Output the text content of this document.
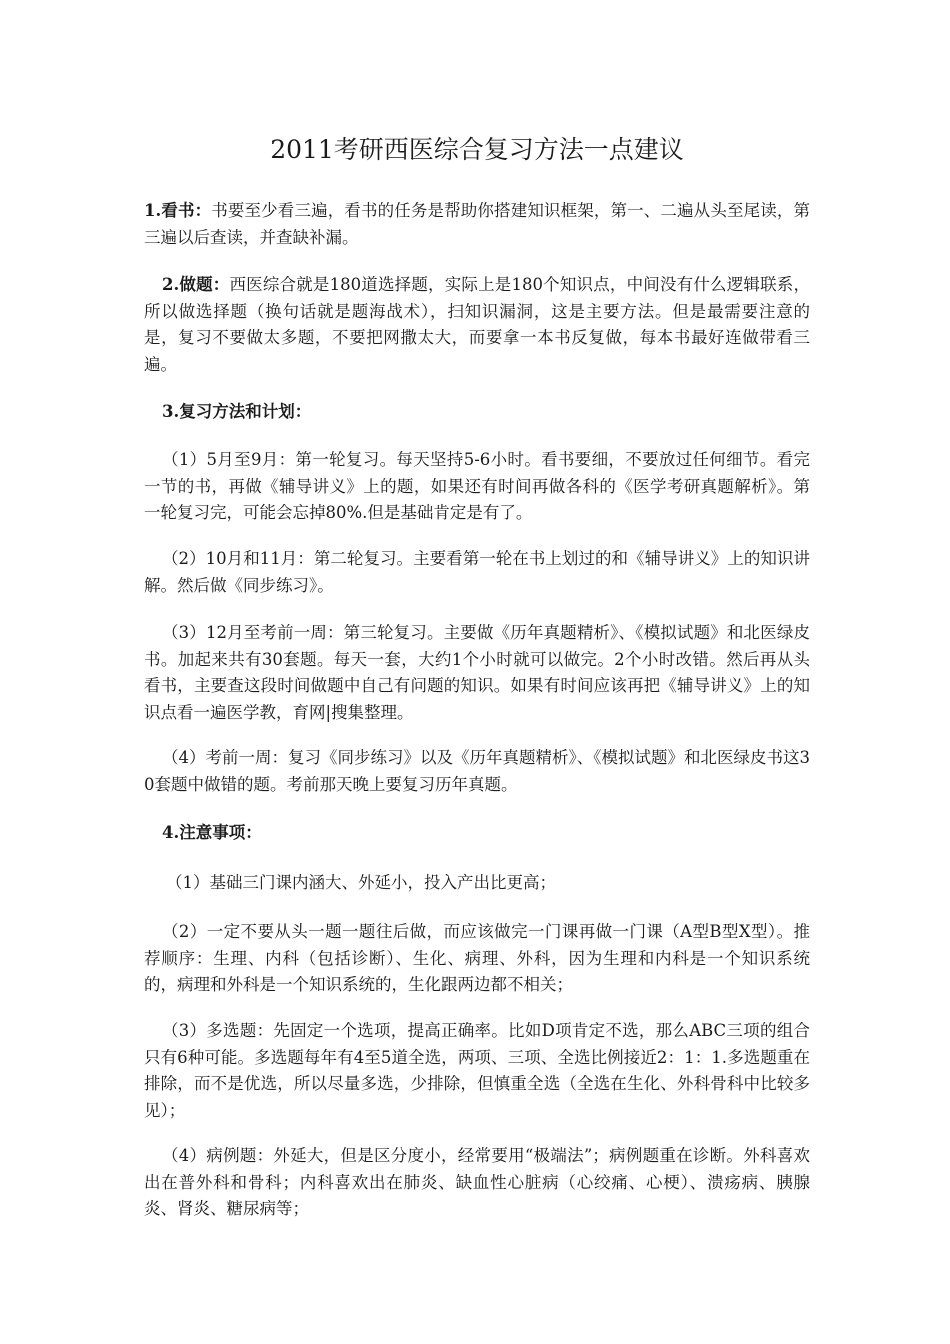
2011考研西医综合复习方法一点建议

1.看书：书要至少看三遍，看书的任务是帮助你搭建知识框架，第一、二遍从头至尾读，第三遍以后查读，并查缺补漏。

2.做题：西医综合就是180道选择题，实际上是180个知识点，中间没有什么逻辑联系，所以做选择题（换句话就是题海战术），扫知识漏洞，这是主要方法。但是最需要注意的是，复习不要做太多题，不要把网撒太大，而要拿一本书反复做，每本书最好连做带看三遍。

3.复习方法和计划：

（1）5月至9月：第一轮复习。每天坚持5-6小时。看书要细，不要放过任何细节。看完一节的书，再做《辅导讲义》上的题，如果还有时间再做各科的《医学考研真题解析》。第一轮复习完，可能会忘掉80%.但是基础肯定是有了。

（2）10月和11月：第二轮复习。主要看第一轮在书上划过的和《辅导讲义》上的知识讲解。然后做《同步练习》。

（3）12月至考前一周：第三轮复习。主要做《历年真题精析》、《模拟试题》和北医绿皮书。加起来共有30套题。每天一套，大约1个小时就可以做完。2个小时改错。然后再从头看书，主要查这段时间做题中自己有问题的知识。如果有时间应该再把《辅导讲义》上的知识点看一遍医学教，育网|搜集整理。

（4）考前一周：复习《同步练习》以及《历年真题精析》、《模拟试题》和北医绿皮书这30套题中做错的题。考前那天晚上要复习历年真题。

4.注意事项：

（1）基础三门课内涵大、外延小，投入产出比更高；

（2）一定不要从头一题一题往后做，而应该做完一门课再做一门课（A型B型X型）。推荐顺序：生理、内科（包括诊断）、生化、病理、外科，因为生理和内科是一个知识系统的，病理和外科是一个知识系统的，生化跟两边都不相关；

（3）多选题：先固定一个选项，提高正确率。比如D项肯定不选，那么ABC三项的组合只有6种可能。多选题每年有4至5道全选，两项、三项、全选比例接近2：1：1.多选题重在排除，而不是优选，所以尽量多选，少排除，但慎重全选（全选在生化、外科骨科中比较多见）；

（4）病例题：外延大，但是区分度小，经常要用“极端法”；病例题重在诊断。外科喜欢出在普外科和骨科；内科喜欢出在肺炎、缺血性心脏病（心绞痛、心梗）、溃疡病、胰腺炎、肾炎、糖尿病等；
